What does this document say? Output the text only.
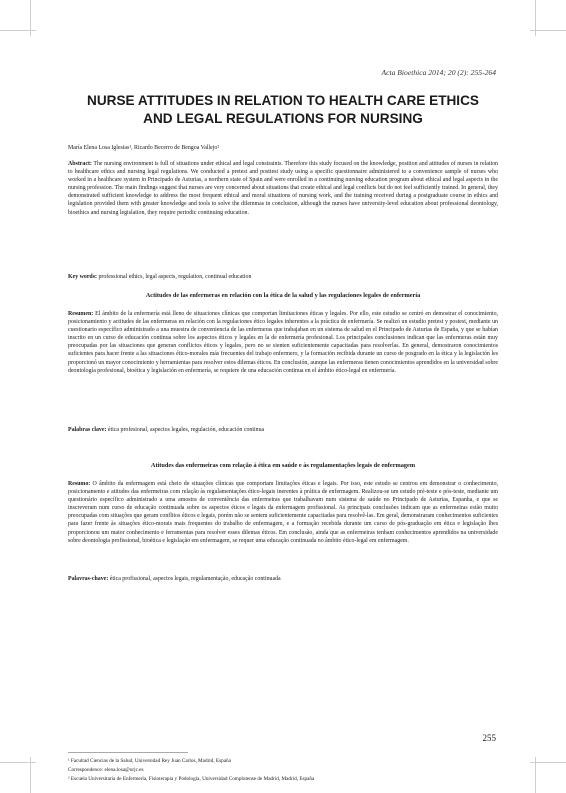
Acta Bioethica 2014; 20 (2): 255-264
NURSE ATTITUDES IN RELATION TO HEALTH CARE ETHICS
AND LEGAL REGULATIONS FOR NURSING
María Elena Losa Iglesias¹, Ricardo Becerro de Bengoa Vallejo²

Abstract: The nursing environment is full of situations under ethical and legal constraints. Therefore this study focused on the knowledge, position and attitudes of nurses in relation to healthcare ethics and nursing legal regulations. We conducted a pretest and posttest study using a specific questionnaire administered to a convenience sample of nurses who worked in a healthcare system in Principado de Asturias, a northern state of Spain and were enrolled in a continuing nursing education program about ethical and legal aspects in the nursing profession. The main findings suggest that nurses are very concerned about situations that create ethical and legal conflicts but do not feel sufficiently trained. In general, they demonstrated sufficient knowledge to address the most frequent ethical and moral situations of nursing work, and the training received during a postgraduate course in ethics and legislation provided them with greater knowledge and tools to solve the dilemmas in conclusion, although the nurses have university-level education about professional deontology, bioethics and nursing legislation, they require periodic continuing education.

Key words: professional ethics, legal aspects, regulation, continual education

Actitudes de las enfermeras en relación con la ética de la salud y las regulaciones legales de enfermería

Resumen: El ámbito de la enfermería está lleno de situaciones clínicas que comportan limitaciones éticas y legales. Por ello, este estudio se centró en demostrar el conocimiento, posicionamiento y actitudes de las enfermeras en relación con la regulaciones ético legales inherentes a la práctica de enfermería. Se realizó un estudio pretest y postest, mediante un cuestionario específico administrado a una muestra de conveniencia de las enfermeras que trabajaban en un sistema de salud en el Principado de Asturias de España, y que se habían inscrito en un curso de educación continua sobre los aspectos éticos y legales en la de enfermería profesional. Los principales conclusiones indican que las enfermeras están muy preocupadas por las situaciones que generan conflictos éticos y legales, pero no se sienten suficientemente capacitadas para resolverlas. En general, demostraron conocimientos suficientes para hacer frente a las situaciones ético-morales más frecuentes del trabajo enfermero, y la formación recibida durante un curso de posgrado en la ética y la legislación les proporcionó un mayor conocimiento y herramientas para resolver estos dilemas éticos. En conclusión, aunque las enfermeras tienen conocimientos aprendidos en la universidad sobre deontología profesional, bioética y legislación en enfermería, se requiere de una educación continua en el ámbito ético-legal en enfermería.

Palabras clave: ética profesional, aspectos legales, regulación, educación continua

Atitudes das enfermeiras com relação à ética em saúde e às regulamentações legais de enfermagem

Resumo: O âmbito da enfermagem está cheio de situações clínicas que comportam limitações éticas e legais. Por isso, este estudo se centrou em demonstrar o conhecimento, posicionamento e atitudes das enfermeiras com relação às regulamentações ético-legais inerentes à prática de enfermagem. Realizou-se um estudo pré-teste e pós-teste, mediante um questionário específico administrado a uma amostra de conveniência das enfermeiras que trabalhavam num sistema de saúde no Principado de Asturias, Espanha, e que se inscreveram num curso de educação continuada sobre os aspectos éticos e legais da enfermagem profissional. As principais conclusões indicam que as enfermeiras estão muito preocupadas com situações que geram conflitos éticos e legais, porém não se sentem suficientemente capacitadas para resolvê-las. Em geral, demonstraram conhecimentos suficientes para fazer frente às situações ético-morais mais frequentes do trabalho de enfermagem, e a formação recebida durante um curso de pós-graduação em ética e legislação lhes proporcionou um maior conhecimento e ferramentas para resolver esses dilemas éticos. Em conclusão, ainda que as enfermeiras tenham conhecimentos aprendidos na universidade sobre deontologia profissional, bioética e legislação em enfermagem, se requer uma educação continuada no âmbito ético-legal em enfermagem.

Palavras-chave: ética profissional, aspectos legais, regulamentação, educação continuada

255

¹ Facultad Ciencias de la Salud, Universidad Rey Juan Carlos, Madrid, España

Correspondence: elena.losa@urjc.es

² Escuela Universitaria de Enfermería, Fisioterapia y Podología, Universidad Complutense de Madrid, Madrid, España
